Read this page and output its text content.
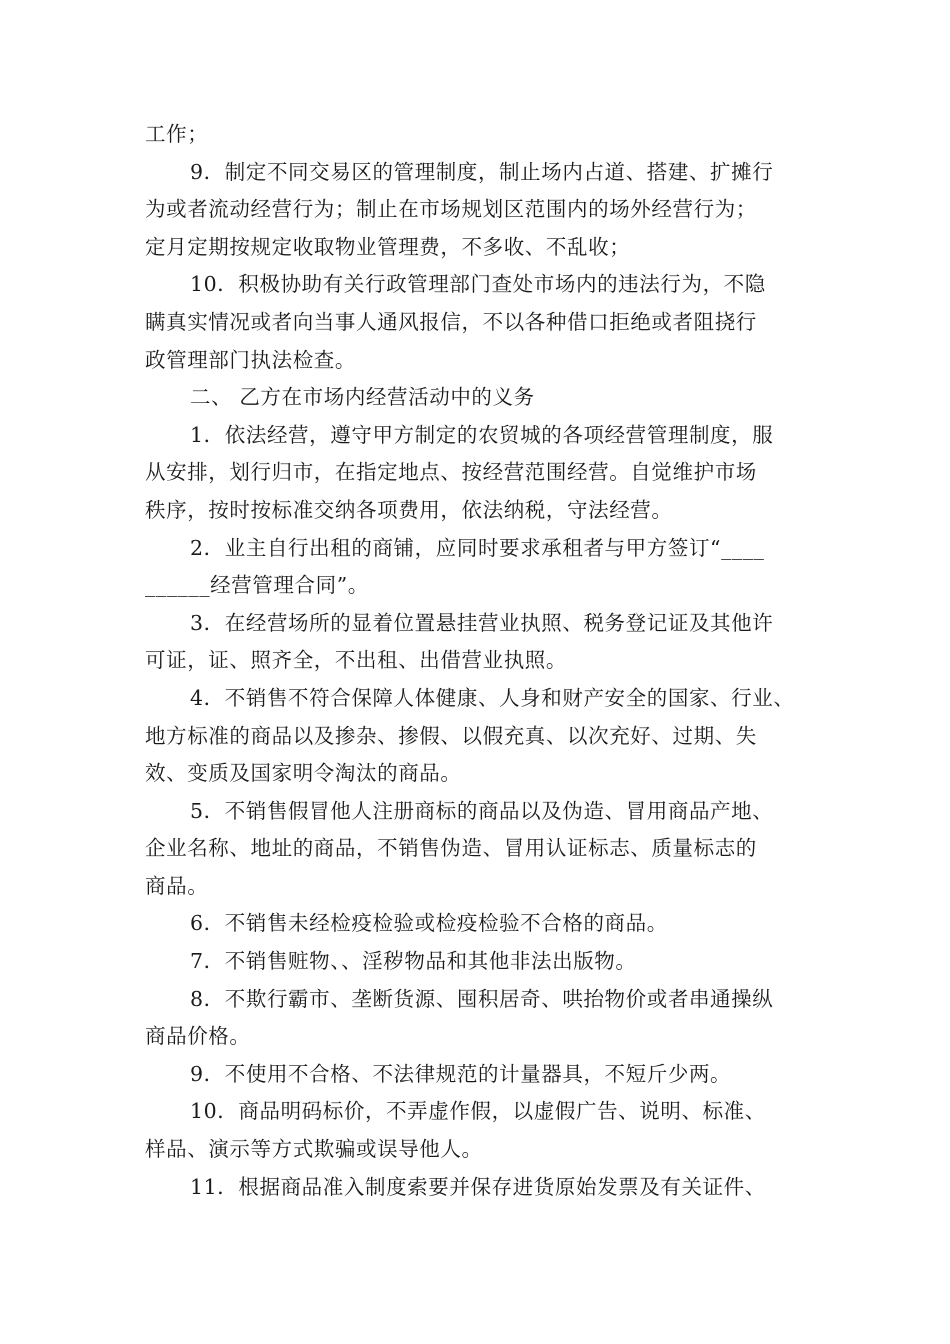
工作；
9．制定不同交易区的管理制度，制止场内占道、搭建、扩摊行
为或者流动经营行为；制止在市场规划区范围内的场外经营行为；
定月定期按规定收取物业管理费，不多收、不乱收；
10．积极协助有关行政管理部门查处市场内的违法行为，不隐
瞒真实情况或者向当事人通风报信，不以各种借口拒绝或者阻挠行
政管理部门执法检查。
二、 乙方在市场内经营活动中的义务
1．依法经营，遵守甲方制定的农贸城的各项经营管理制度，服
从安排，划行归市，在指定地点、按经营范围经营。自觉维护市场
秩序，按时按标准交纳各项费用，依法纳税，守法经营。
2．业主自行出租的商铺，应同时要求承租者与甲方签订“____
______经营管理合同”。
3．在经营场所的显着位置悬挂营业执照、税务登记证及其他许
可证，证、照齐全，不出租、出借营业执照。
4．不销售不符合保障人体健康、人身和财产安全的国家、行业、
地方标准的商品以及掺杂、掺假、以假充真、以次充好、过期、失
效、变质及国家明令淘汰的商品。
5．不销售假冒他人注册商标的商品以及伪造、冒用商品产地、
企业名称、地址的商品，不销售伪造、冒用认证标志、质量标志的
商品。
6．不销售未经检疫检验或检疫检验不合格的商品。
7．不销售赃物、、淫秽物品和其他非法出版物。
8．不欺行霸市、垄断货源、囤积居奇、哄抬物价或者串通操纵
商品价格。
9．不使用不合格、不法律规范的计量器具，不短斤少两。
10．商品明码标价，不弄虚作假，以虚假广告、说明、标准、
样品、演示等方式欺骗或误导他人。
11．根据商品准入制度索要并保存进货原始发票及有关证件、
